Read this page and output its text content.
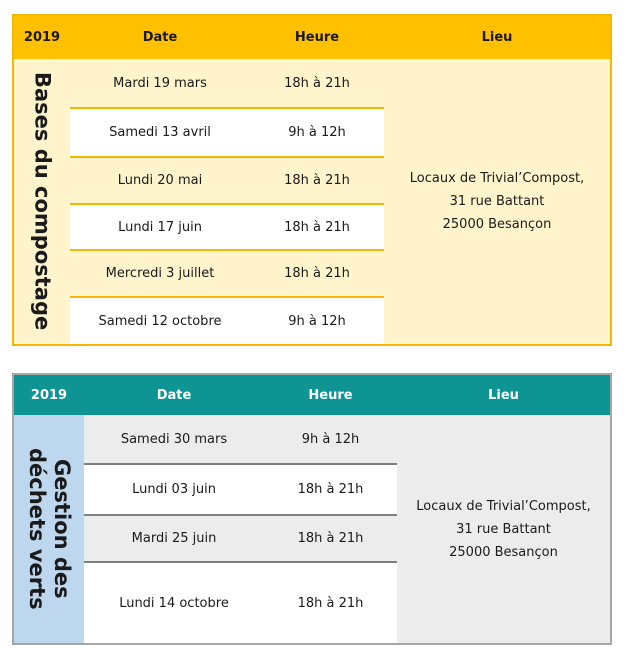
2019	Date	Heure	Lieu
Bases du compostage	Mardi 19 mars	18h à 21h
Samedi 13 avril	9h à 12h
Lundi 20 mai	18h à 21h
Lundi 17 juin	18h à 21h
Mercredi 3 juillet	18h à 21h
Samedi 12 octobre	9h à 12h
Locaux de Trivial’Compost,
31 rue Battant
25000 Besançon
2019	Date	Heure	Lieu
Gestion des
déchets verts
Samedi 30 mars	9h à 12h
Lundi 03 juin	18h à 21h
Mardi 25 juin	18h à 21h
Lundi 14 octobre	18h à 21h
Locaux de Trivial’Compost,
31 rue Battant
25000 Besançon
